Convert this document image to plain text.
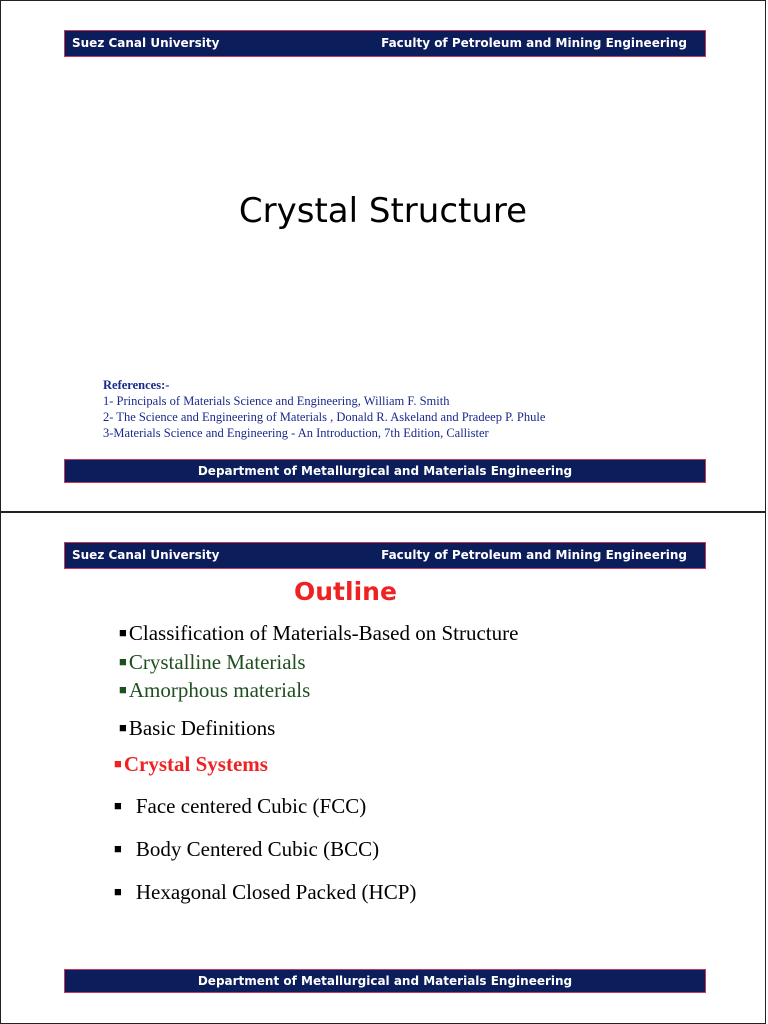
Suez Canal University	Faculty of Petroleum and Mining Engineering
Crystal Structure
References:-
1- Principals of Materials Science and Engineering, William F. Smith
2- The Science and Engineering of Materials , Donald R. Askeland and Pradeep P. Phule
3-Materials Science and Engineering - An Introduction, 7th Edition, Callister
Department of Metallurgical and Materials Engineering
Suez Canal University	Faculty of Petroleum and Mining Engineering
Outline
■Classification of Materials-Based on Structure
■Crystalline Materials
■Amorphous materials
■Basic Definitions
■Crystal Systems
■ Face centered Cubic (FCC)
■ Body Centered Cubic (BCC)
■ Hexagonal Closed Packed (HCP)
Department of Metallurgical and Materials Engineering
